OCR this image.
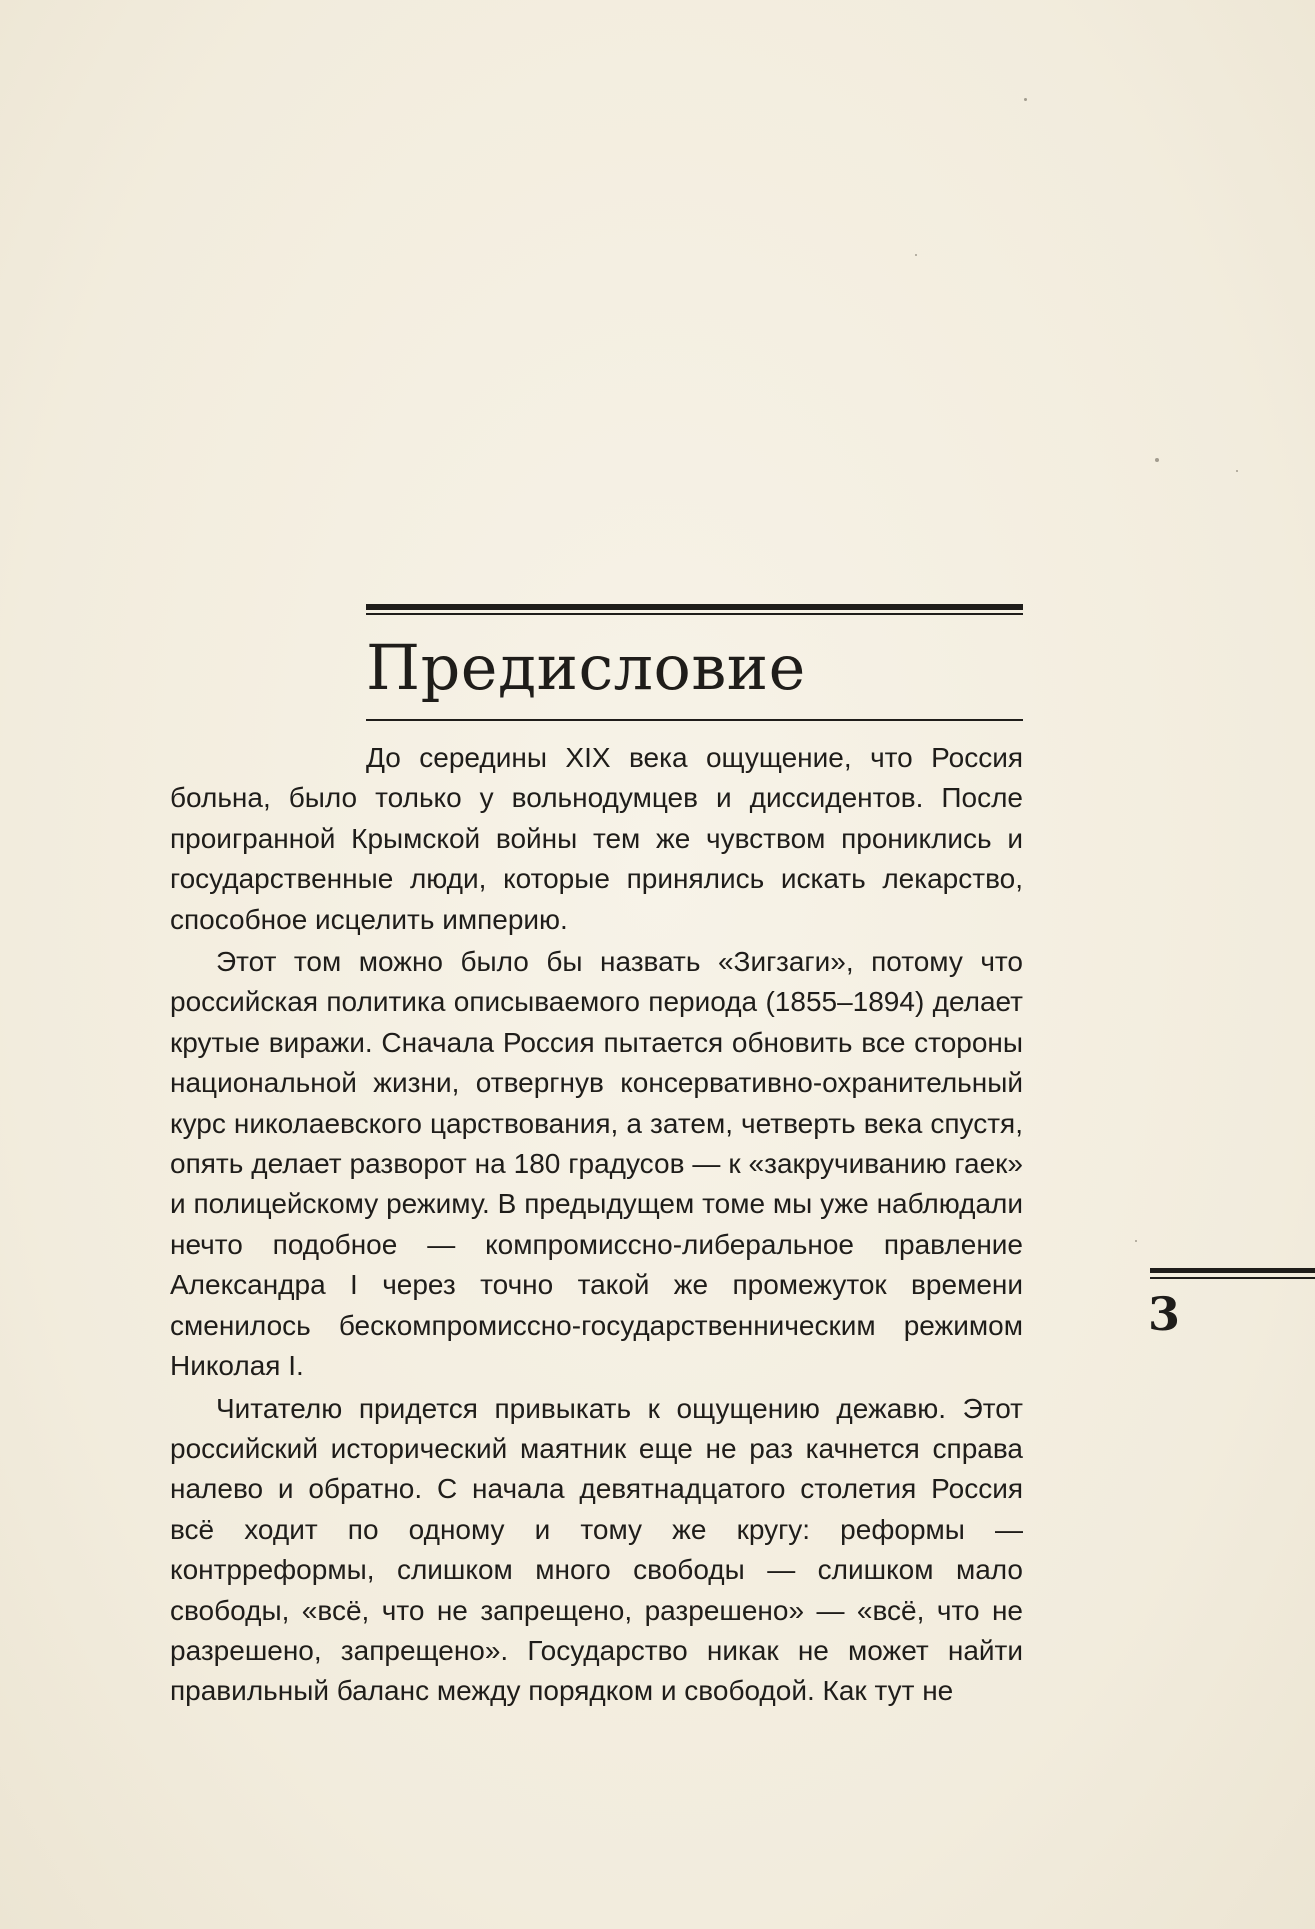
Предисловие

До середины XIX века ощущение, что Россия больна, было только у вольнодумцев и диссидентов. После проигранной Крымской войны тем же чувством прониклись и государственные люди, которые принялись искать лекарство, способное исцелить империю.

Этот том можно было бы назвать «Зигзаги», потому что российская политика описываемого периода (1855–1894) делает крутые виражи. Сначала Россия пытается обновить все стороны национальной жизни, отвергнув консервативно-охранительный курс николаевского царствования, а затем, четверть века спустя, опять делает разворот на 180 градусов — к «закручиванию гаек» и полицейскому режиму. В предыдущем томе мы уже наблюдали нечто подобное — компромиссно-либеральное правление Александра I через точно такой же промежуток времени сменилось бескомпромиссно-государственническим режимом Николая I.

Читателю придется привыкать к ощущению дежавю. Этот российский исторический маятник еще не раз качнется справа налево и обратно. С начала девятнадцатого столетия Россия всё ходит по одному и тому же кругу: реформы — контрреформы, слишком много свободы — слишком мало свободы, «всё, что не запрещено, разрешено» — «всё, что не разрешено, запрещено». Государство никак не может найти правильный баланс между порядком и свободой. Как тут не

3
